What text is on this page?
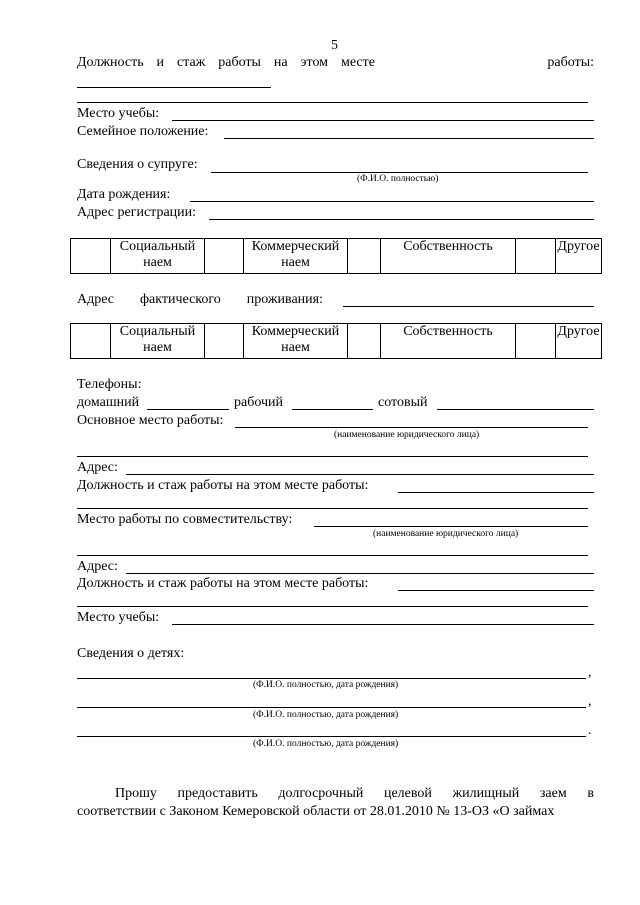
5
Должность и стаж работы на этом месте	работы:
Место учебы:
Семейное положение:
Сведения о супруге:
(Ф.И.О. полностью)
Дата рождения:
Адрес регистрации:
	Социальный
наем		Коммерческий
наем		Собственность		Другое
Адрес фактического проживания:
	Социальный
наем		Коммерческий
наем		Собственность		Другое
Телефоны:
домашний	рабочий	сотовый
Основное место работы:
(наименование юридического лица)
Адрес:
Должность и стаж работы на этом месте работы:
Место работы по совместительству:
(наименование юридического лица)
Адрес:
Должность и стаж работы на этом месте работы:
Место учебы:
Сведения о детях:
,
(Ф.И.О. полностью, дата рождения)
,
(Ф.И.О. полностью, дата рождения)
.
(Ф.И.О. полностью, дата рождения)
Прошу предоставить долгосрочный целевой жилищный заем в
соответствии с Законом Кемеровской области от 28.01.2010 № 13-ОЗ «О займах
